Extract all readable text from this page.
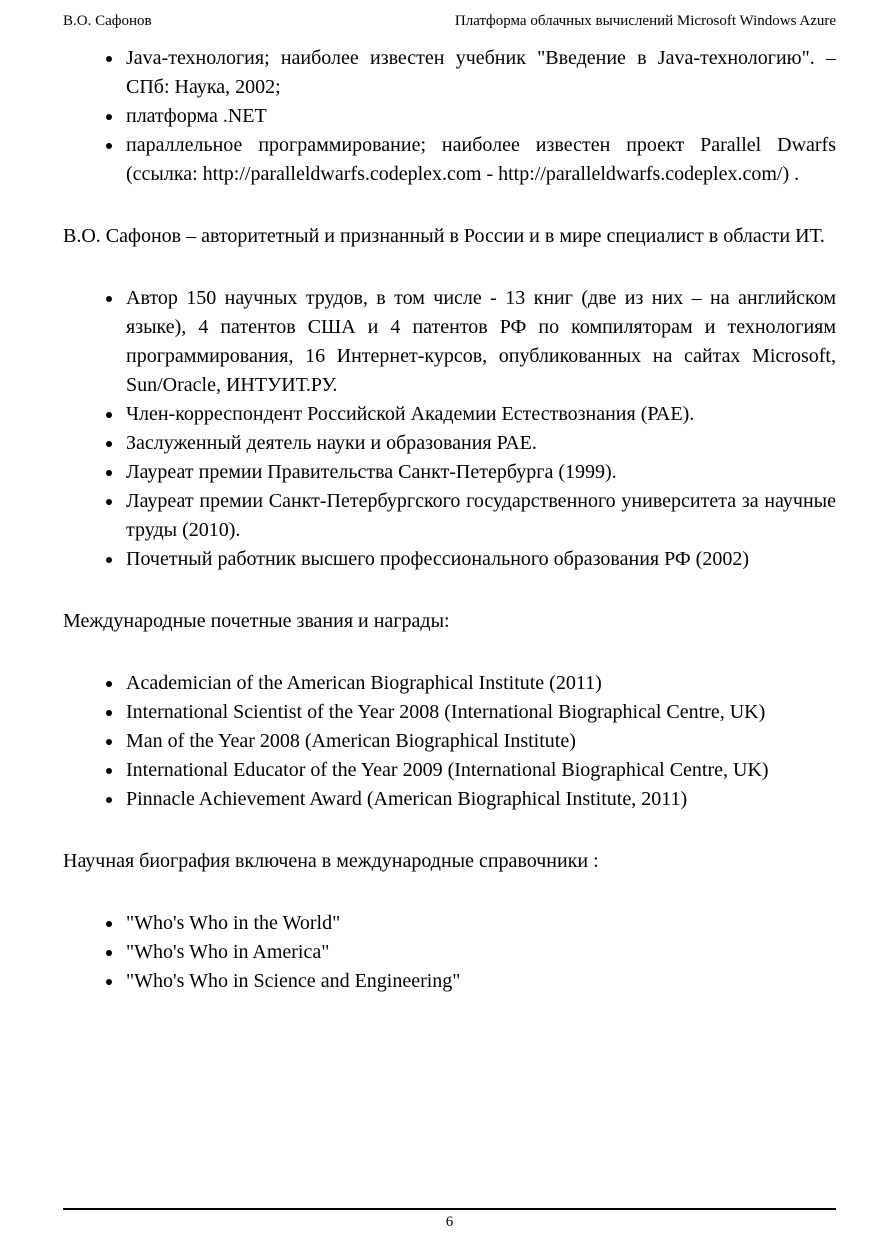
В.О. Сафонов	Платформа облачных вычислений Microsoft Windows Azure
• Java-технология; наиболее известен учебник "Введение в Java-технологию". – СПб: Наука, 2002;
• платформа .NET
• параллельное программирование; наиболее известен проект Parallel Dwarfs (ссылка: http://paralleldwarfs.codeplex.com - http://paralleldwarfs.codeplex.com/) .

В.О. Сафонов – авторитетный и признанный в России и в мире специалист в области ИТ.

• Автор 150 научных трудов, в том числе - 13 книг (две из них – на английском языке), 4 патентов США и 4 патентов РФ по компиляторам и технологиям программирования, 16 Интернет-курсов, опубликованных на сайтах Microsoft, Sun/Oracle, ИНТУИТ.РУ.
• Член-корреспондент Российской Академии Естествознания (РАЕ).
• Заслуженный деятель науки и образования РАЕ.
• Лауреат премии Правительства Санкт-Петербурга (1999).
• Лауреат премии Санкт-Петербургского государственного университета за научные труды (2010).
• Почетный работник высшего профессионального образования РФ (2002)

Международные почетные звания и награды:

• Academician of the American Biographical Institute (2011)
• International Scientist of the Year 2008 (International Biographical Centre, UK)
• Man of the Year 2008 (American Biographical Institute)
• International Educator of the Year 2009 (International Biographical Centre, UK)
• Pinnacle Achievement Award (American Biographical Institute, 2011)

Научная биография включена в международные справочники :

• "Who's Who in the World"
• "Who's Who in America"
• "Who's Who in Science and Engineering"
6
